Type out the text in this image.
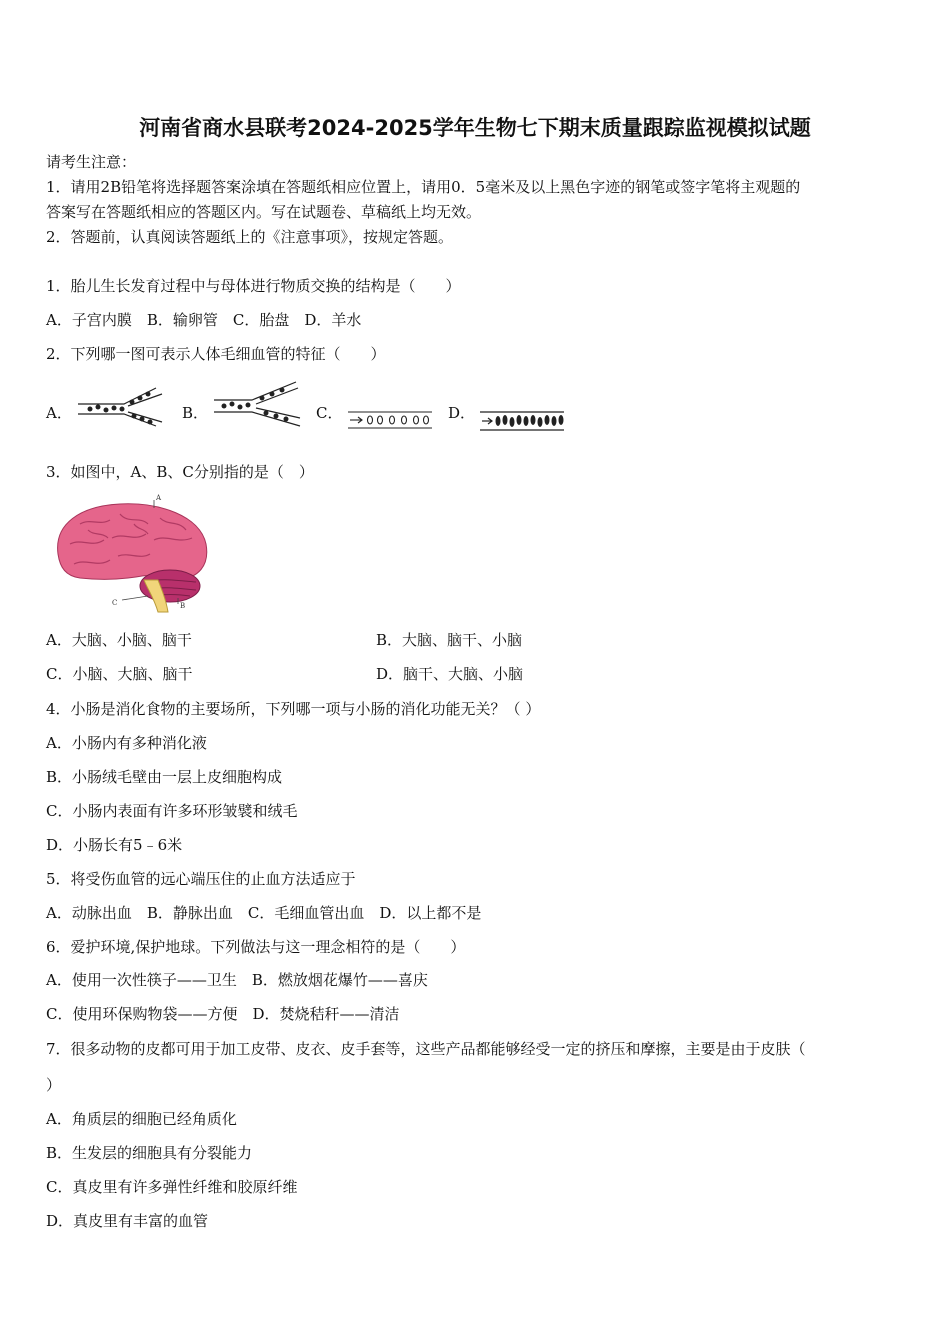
河南省商水县联考2024-2025学年生物七下期末质量跟踪监视模拟试题
请考生注意：
1．请用2B铅笔将选择题答案涂填在答题纸相应位置上，请用0．5毫米及以上黑色字迹的钢笔或签字笔将主观题的
答案写在答题纸相应的答题区内。写在试题卷、草稿纸上均无效。
2．答题前，认真阅读答题纸上的《注意事项》，按规定答题。
1．胎儿生长发育过程中与母体进行物质交换的结构是（　　）
A．子宫内膜　B．输卵管　C．胎盘　D．羊水
2．下列哪一图可表示人体毛细血管的特征（　　）
A．	B．	C．	D．
3．如图中，A、B、C分别指的是（　）
A
B
C
A．大脑、小脑、脑干	B．大脑、脑干、小脑
C．小脑、大脑、脑干	D．脑干、大脑、小脑
4．小肠是消化食物的主要场所，下列哪一项与小肠的消化功能无关？（ ）
A．小肠内有多种消化液
B．小肠绒毛壁由一层上皮细胞构成
C．小肠内表面有许多环形皱襞和绒毛
D．小肠长有5﹣6米
5．将受伤血管的远心端压住的止血方法适应于
A．动脉出血　B．静脉出血　C．毛细血管出血　D．以上都不是
6．爱护环境,保护地球。下列做法与这一理念相符的是（　　）
A．使用一次性筷子——卫生　B．燃放烟花爆竹——喜庆
C．使用环保购物袋——方便　D．焚烧秸秆——清洁
7．很多动物的皮都可用于加工皮带、皮衣、皮手套等，这些产品都能够经受一定的挤压和摩擦，主要是由于皮肤（
）
A．角质层的细胞已经角质化
B．生发层的细胞具有分裂能力
C．真皮里有许多弹性纤维和胶原纤维
D．真皮里有丰富的血管
